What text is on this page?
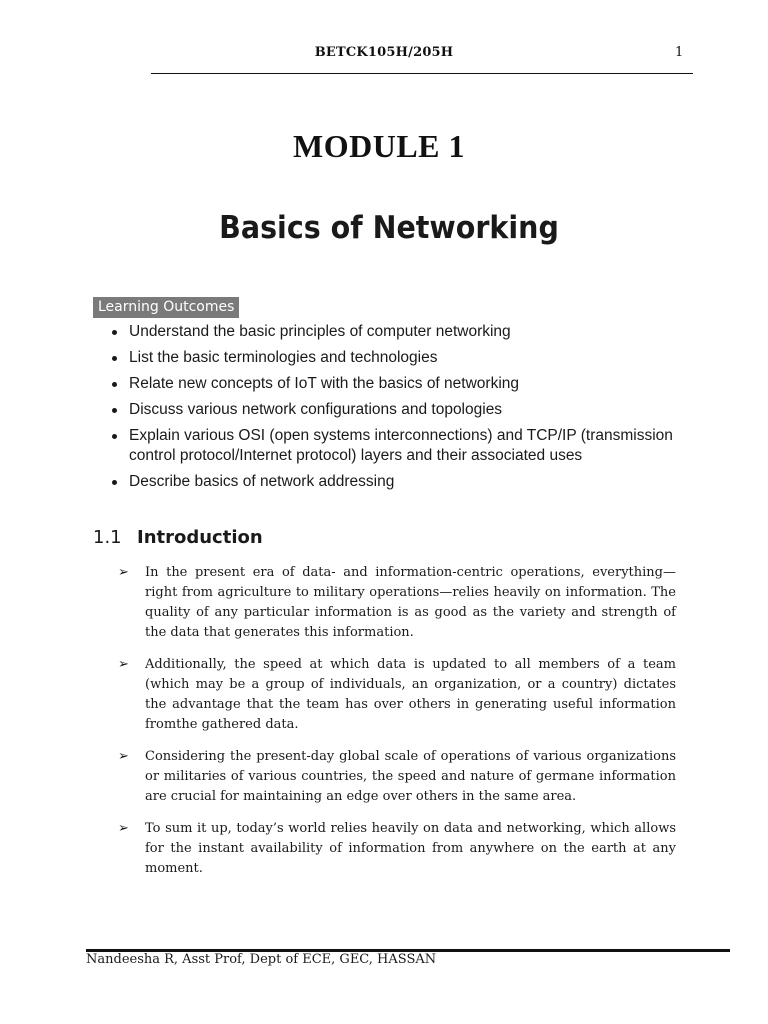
BETCK105H/205H	1
MODULE 1
Basics of Networking
Learning Outcomes
Understand the basic principles of computer networking
List the basic terminologies and technologies
Relate new concepts of IoT with the basics of networking
Discuss various network configurations and topologies
Explain various OSI (open systems interconnections) and TCP/IP (transmission control protocol/Internet protocol) layers and their associated uses
Describe basics of network addressing
1.1 Introduction
➢ In the present era of data- and information-centric operations, everything—right from agriculture to military operations—relies heavily on information. The quality of any particular information is as good as the variety and strength of the data that generates this information.
➢ Additionally, the speed at which data is updated to all members of a team (which may be a group of individuals, an organization, or a country) dictates the advantage that the team has over others in generating useful information fromthe gathered data.
➢ Considering the present-day global scale of operations of various organizations or militaries of various countries, the speed and nature of germane information are crucial for maintaining an edge over others in the same area.
➢ To sum it up, today’s world relies heavily on data and networking, which allows for the instant availability of information from anywhere on the earth at any moment.
Nandeesha R, Asst Prof, Dept of ECE, GEC, HASSAN
